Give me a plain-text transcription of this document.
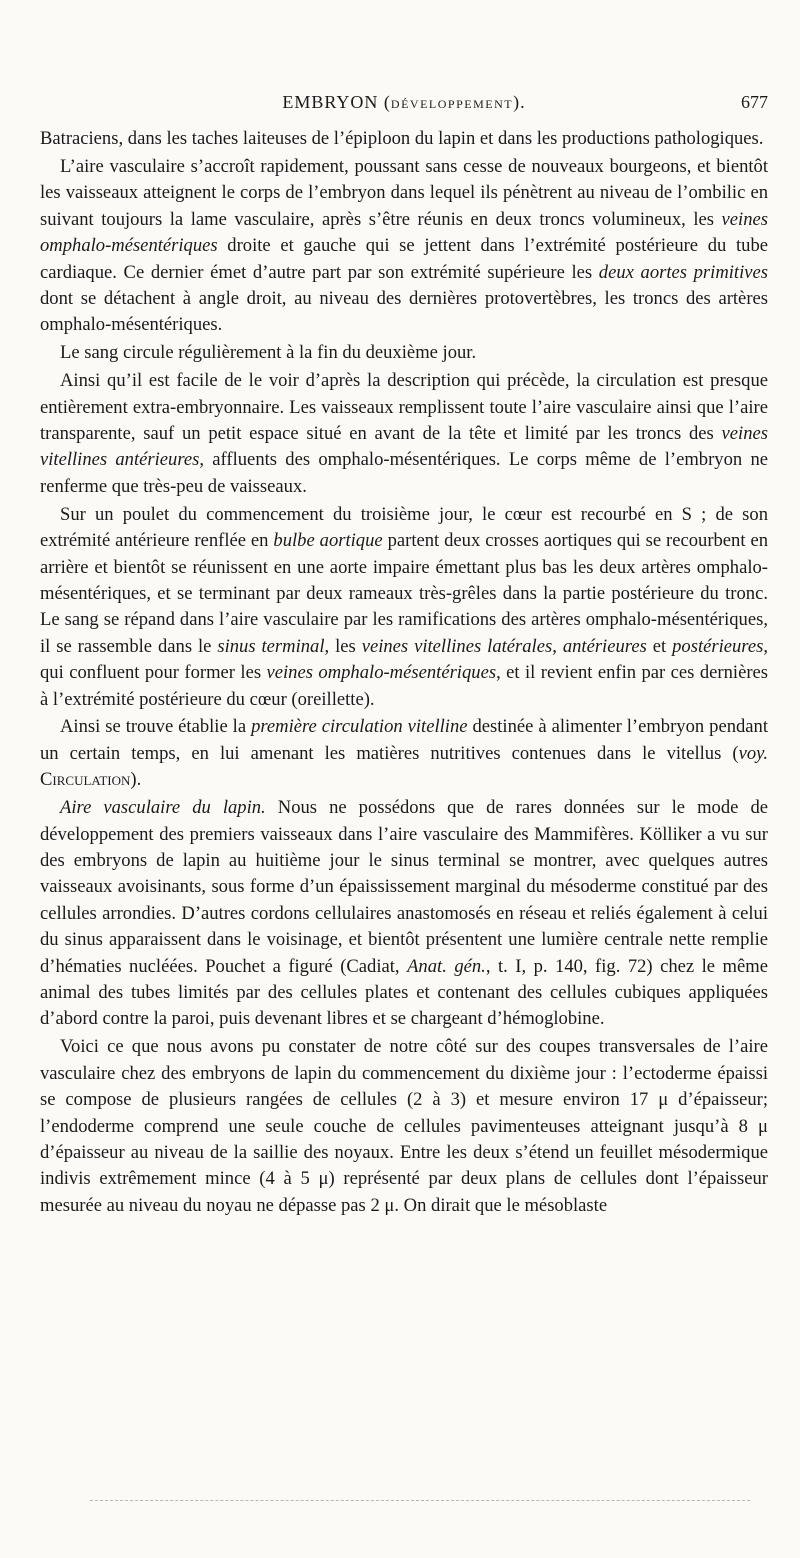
EMBRYON (DÉVELOPPEMENT).	677

Batraciens, dans les taches laiteuses de l’épiploon du lapin et dans les productions pathologiques.

L’aire vasculaire s’accroît rapidement, poussant sans cesse de nouveaux bourgeons, et bientôt les vaisseaux atteignent le corps de l’embryon dans lequel ils pénètrent au niveau de l’ombilic en suivant toujours la lame vasculaire, après s’être réunis en deux troncs volumineux, les veines omphalo-mésentériques droite et gauche qui se jettent dans l’extrémité postérieure du tube cardiaque. Ce dernier émet d’autre part par son extrémité supérieure les deux aortes primitives dont se détachent à angle droit, au niveau des dernières protovertèbres, les troncs des artères omphalo-mésentériques.

Le sang circule régulièrement à la fin du deuxième jour.

Ainsi qu’il est facile de le voir d’après la description qui précède, la circulation est presque entièrement extra-embryonnaire. Les vaisseaux remplissent toute l’aire vasculaire ainsi que l’aire transparente, sauf un petit espace situé en avant de la tête et limité par les troncs des veines vitellines antérieures, affluents des omphalo-mésentériques. Le corps même de l’embryon ne renferme que très-peu de vaisseaux.

Sur un poulet du commencement du troisième jour, le cœur est recourbé en S ; de son extrémité antérieure renflée en bulbe aortique partent deux crosses aortiques qui se recourbent en arrière et bientôt se réunissent en une aorte impaire émettant plus bas les deux artères omphalo-mésentériques, et se terminant par deux rameaux très-grêles dans la partie postérieure du tronc. Le sang se répand dans l’aire vasculaire par les ramifications des artères omphalo-mésentériques, il se rassemble dans le sinus terminal, les veines vitellines latérales, antérieures et postérieures, qui confluent pour former les veines omphalo-mésentériques, et il revient enfin par ces dernières à l’extrémité postérieure du cœur (oreillette).

Ainsi se trouve établie la première circulation vitelline destinée à alimenter l’embryon pendant un certain temps, en lui amenant les matières nutritives contenues dans le vitellus (voy. Circulation).

Aire vasculaire du lapin. Nous ne possédons que de rares données sur le mode de développement des premiers vaisseaux dans l’aire vasculaire des Mammifères. Kölliker a vu sur des embryons de lapin au huitième jour le sinus terminal se montrer, avec quelques autres vaisseaux avoisinants, sous forme d’un épaississement marginal du mésoderme constitué par des cellules arrondies. D’autres cordons cellulaires anastomosés en réseau et reliés également à celui du sinus apparaissent dans le voisinage, et bientôt présentent une lumière centrale nette remplie d’hématies nucléées. Pouchet a figuré (Cadiat, Anat. gén., t. I, p. 140, fig. 72) chez le même animal des tubes limités par des cellules plates et contenant des cellules cubiques appliquées d’abord contre la paroi, puis devenant libres et se chargeant d’hémoglobine.

Voici ce que nous avons pu constater de notre côté sur des coupes transversales de l’aire vasculaire chez des embryons de lapin du commencement du dixième jour : l’ectoderme épaissi se compose de plusieurs rangées de cellules (2 à 3) et mesure environ 17 μ d’épaisseur; l’endoderme comprend une seule couche de cellules pavimenteuses atteignant jusqu’à 8 μ d’épaisseur au niveau de la saillie des noyaux. Entre les deux s’étend un feuillet mésodermique indivis extrêmement mince (4 à 5 μ) représenté par deux plans de cellules dont l’épaisseur mesurée au niveau du noyau ne dépasse pas 2 μ. On dirait que le mésoblaste
